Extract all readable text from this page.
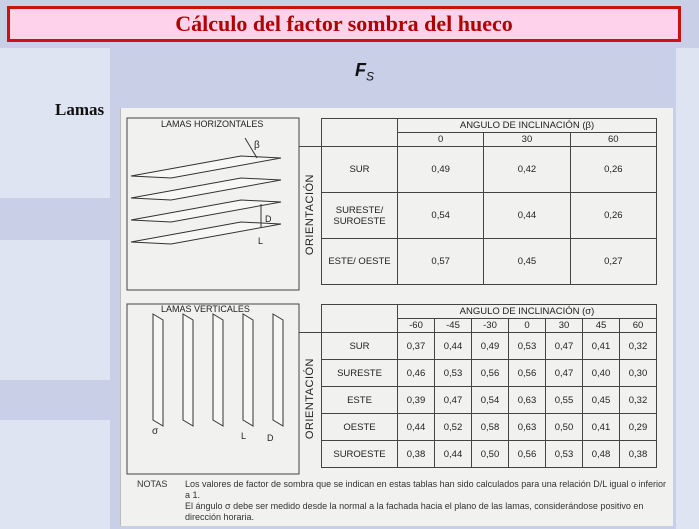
Cálculo del factor sombra del hueco
$F_S$
Lamas
β
D
L
LAMAS HORIZONTALES
σ	L D
LAMAS VERTICALES
		ANGULO DE INCLINACIÓN (β)		
		0	30	60
ORIENTACIÓN	SUR	0,49	0,42	0,26
	SURESTE/ SUROESTE	0,54	0,44	0,26
	ESTE/ OESTE	0,57	0,45	0,27
		ANGULO DE INCLINACIÓN (σ)						
		-60	-45	-30	0	30	45	60
ORIENTACIÓN	SUR	0,37	0,44	0,49	0,53	0,47	0,41	0,32
	SURESTE	0,46	0,53	0,56	0,56	0,47	0,40	0,30
	ESTE	0,39	0,47	0,54	0,63	0,55	0,45	0,32
	OESTE	0,44	0,52	0,58	0,63	0,50	0,41	0,29
	SUROESTE	0,38	0,44	0,50	0,56	0,53	0,48	0,38
NOTAS Los valores de factor de sombra que se indican en estas tablas han sido calculados para una relación D/L igual o inferior a 1.
El ángulo σ debe ser medido desde la normal a la fachada hacia el plano de las lamas, considerándose positivo en dirección horaria.
